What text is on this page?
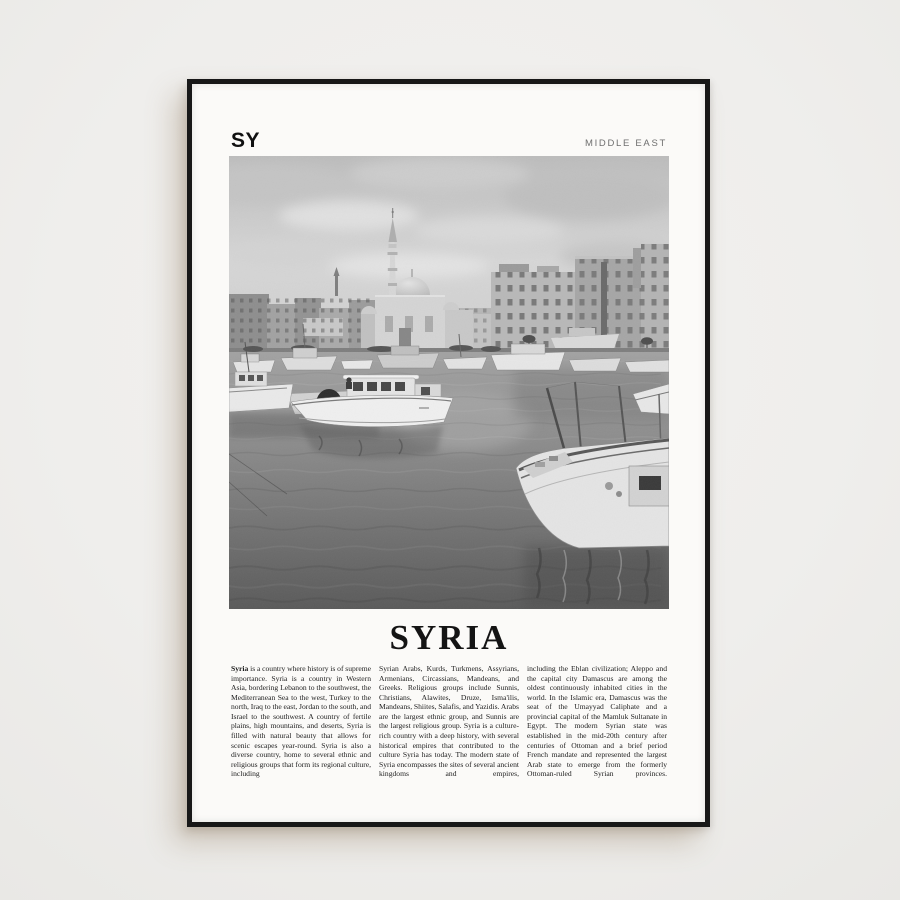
SY	MIDDLE EAST
SYRIA
Syria is a country where history is of supreme importance. Syria is a country in Western Asia, bordering Lebanon to the southwest, the Mediterranean Sea to the west, Turkey to the north, Iraq to the east, Jordan to the south, and Israel to the southwest. A country of fertile plains, high mountains, and deserts, Syria is filled with natural beauty that allows for scenic escapes year-round. Syria is also a diverse country, home to several ethnic and religious groups that form its regional culture, including
Syrian Arabs, Kurds, Turkmens, Assyrians, Armenians, Circassians, Mandeans, and Greeks. Religious groups include Sunnis, Christians, Alawites, Druze, Isma'ilis, Mandeans, Shiites, Salafis, and Yazidis. Arabs are the largest ethnic group, and Sunnis are the largest religious group. Syria is a culture-rich country with a deep history, with several historical empires that contributed to the culture Syria has today. The modern state of Syria encompasses the sites of several ancient kingdoms and empires,
including the Eblan civilization; Aleppo and the capital city Damascus are among the oldest continuously inhabited cities in the world. In the Islamic era, Damascus was the seat of the Umayyad Caliphate and a provincial capital of the Mamluk Sultanate in Egypt. The modern Syrian state was established in the mid-20th century after centuries of Ottoman and a brief period French mandate and represented the largest Arab state to emerge from the formerly Ottoman-ruled Syrian provinces.
